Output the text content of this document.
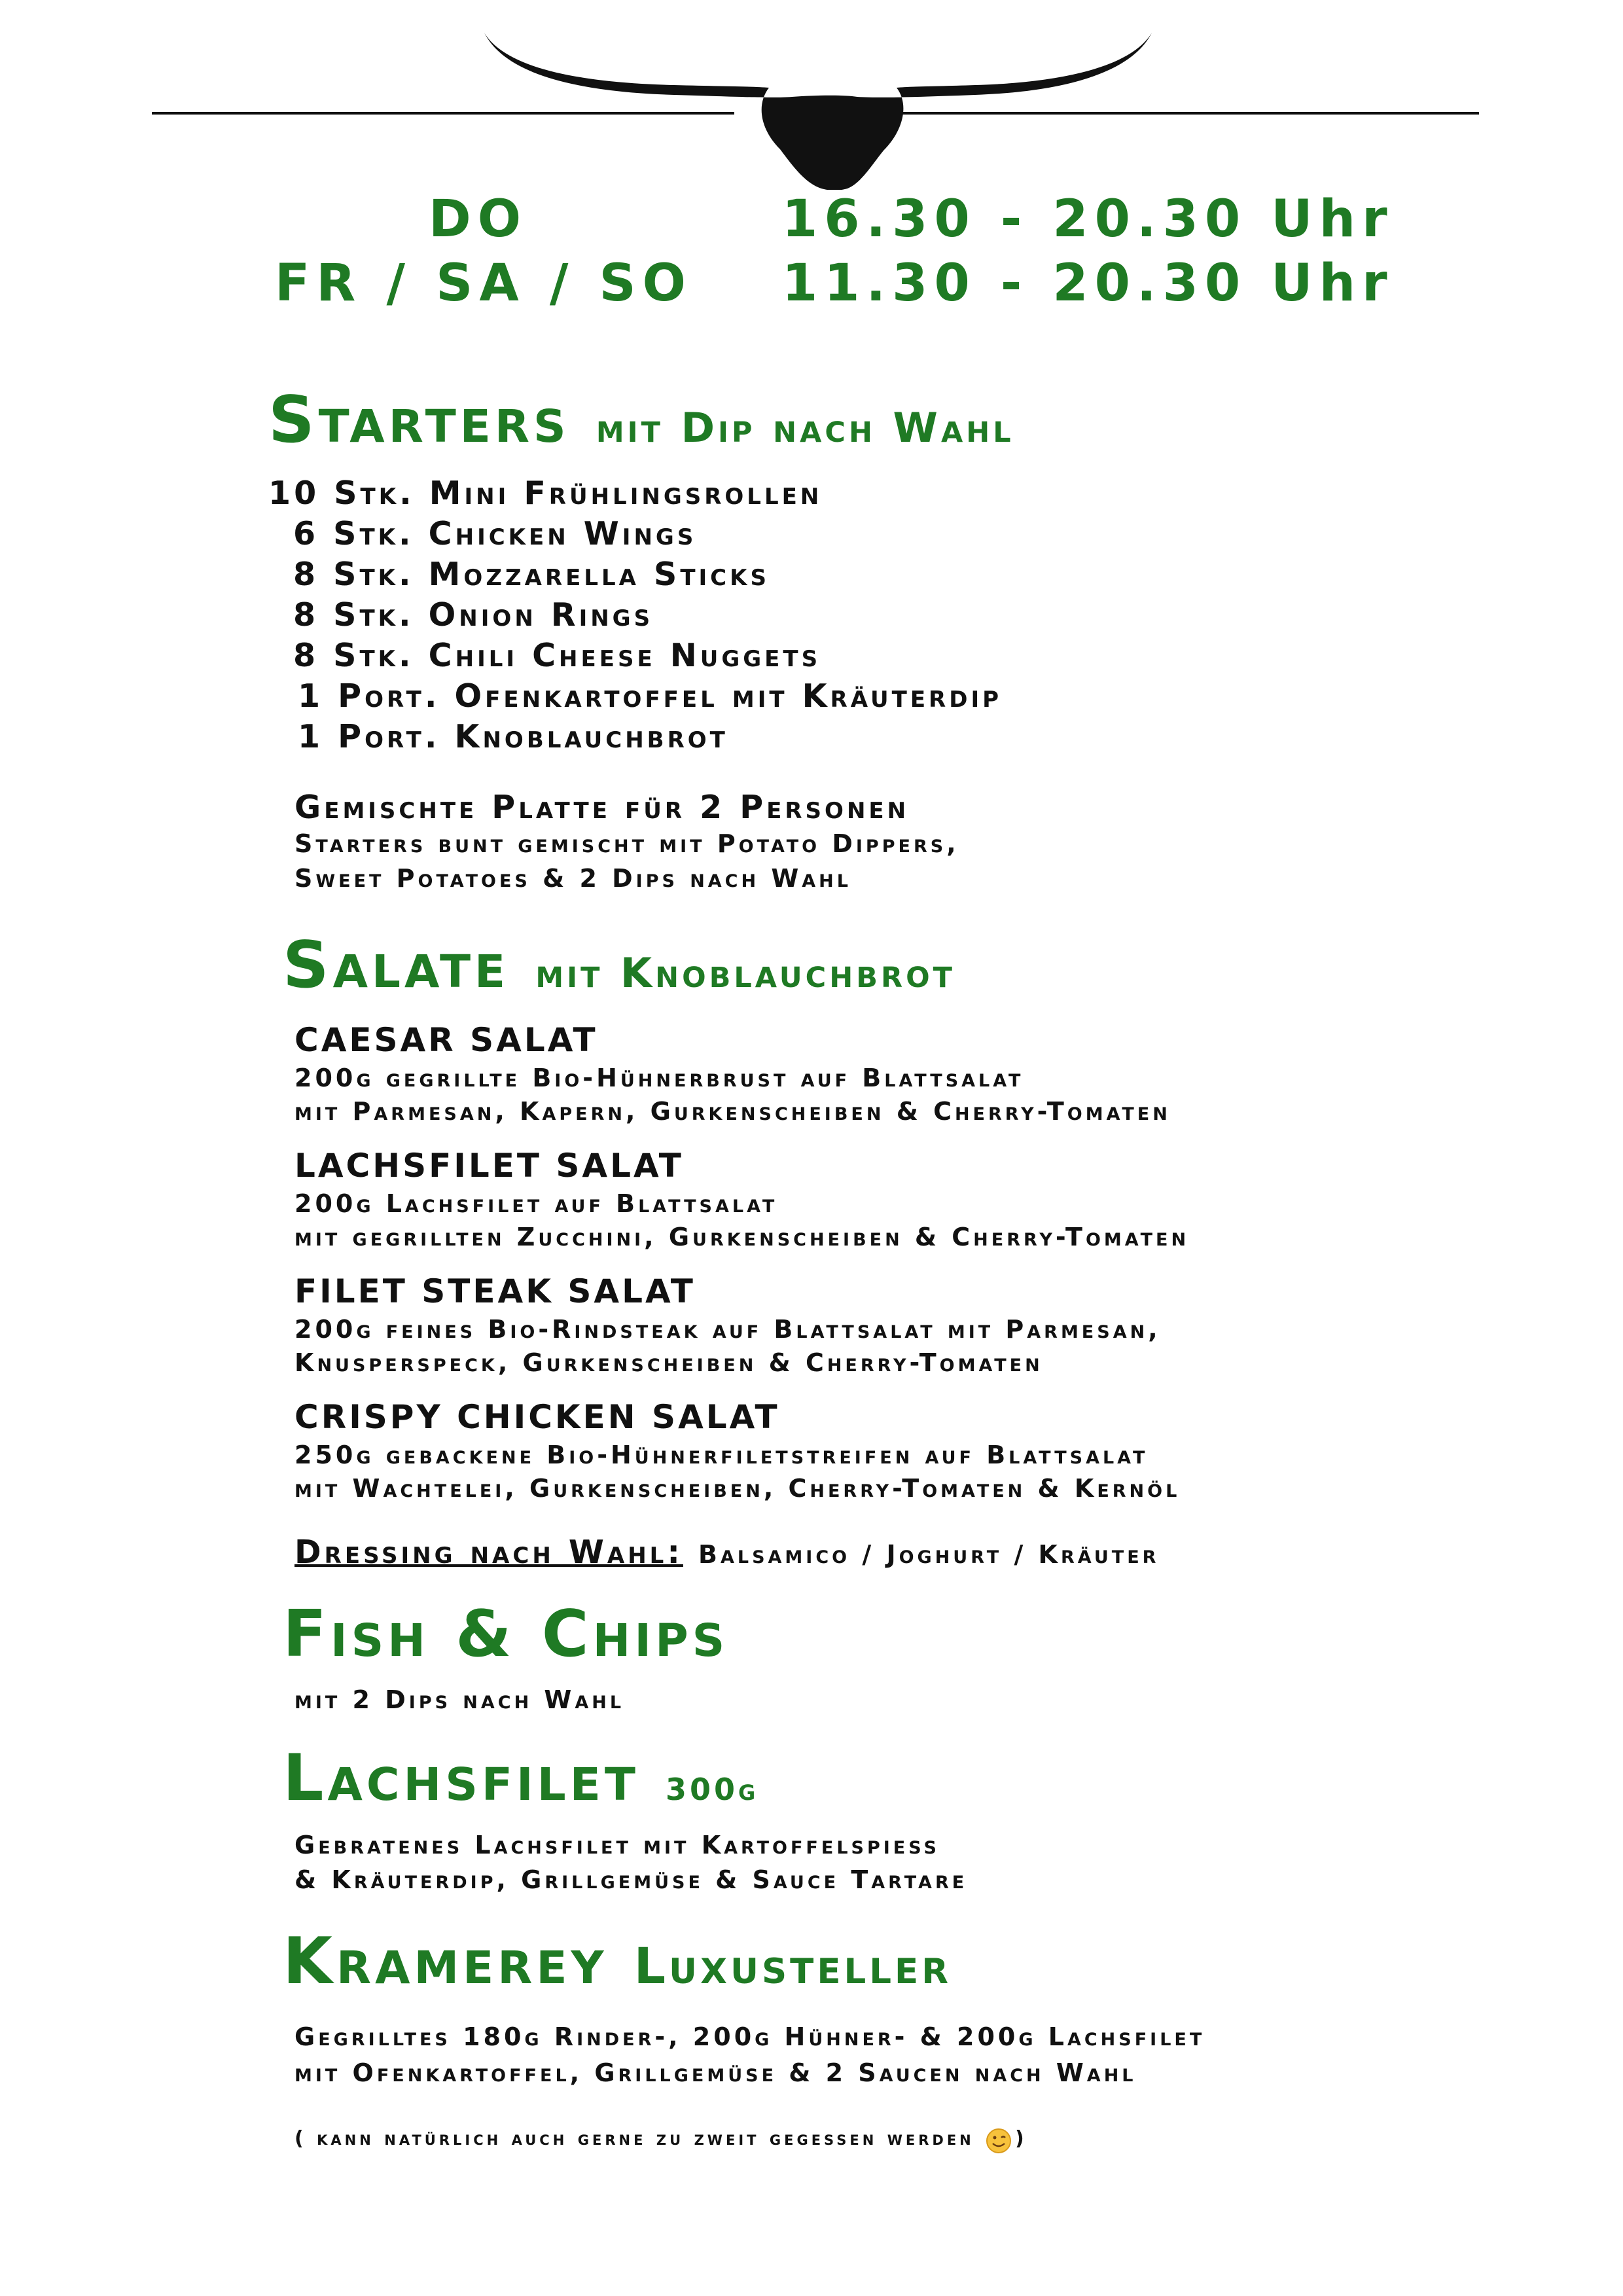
DO	16.30 - 20.30 Uhr
FR / SA / SO 11.30 - 20.30 Uhr
Starters mit Dip nach Wahl
10 Stk. Mini Frühlingsrollen
6 Stk. Chicken Wings
8 Stk. Mozzarella Sticks
8 Stk. Onion Rings
8 Stk. Chili Cheese Nuggets
1 Port. Ofenkartoffel mit Kräuterdip
1 Port. Knoblauchbrot
Gemischte Platte für 2 Personen
Starters bunt gemischt mit Potato Dippers,
Sweet Potatoes & 2 Dips nach Wahl
Salate mit Knoblauchbrot
CAESAR SALAT
200g gegrillte Bio-Hühnerbrust auf Blattsalat
mit Parmesan, Kapern, Gurkenscheiben & Cherry-Tomaten
LACHSFILET SALAT
200g Lachsfilet auf Blattsalat
mit gegrillten Zucchini, Gurkenscheiben & Cherry-Tomaten
FILET STEAK SALAT
200g feines Bio-Rindsteak auf Blattsalat mit Parmesan,
Knusperspeck, Gurkenscheiben & Cherry-Tomaten
CRISPY CHICKEN SALAT
250g gebackene Bio-Hühnerfiletstreifen auf Blattsalat
mit Wachtelei, Gurkenscheiben, Cherry-Tomaten & Kernöl
Dressing nach Wahl: Balsamico / Joghurt / Kräuter
Fish & Chips
mit 2 Dips nach Wahl
Lachsfilet 300g
Gebratenes Lachsfilet mit Kartoffelspiess
& Kräuterdip, Grillgemüse & Sauce Tartare
Kramerey Luxusteller
Gegrilltes 180g Rinder-, 200g Hühner- & 200g Lachsfilet
mit Ofenkartoffel, Grillgemüse & 2 Saucen nach Wahl
( kann natürlich auch gerne zu zweit gegessen werden )
